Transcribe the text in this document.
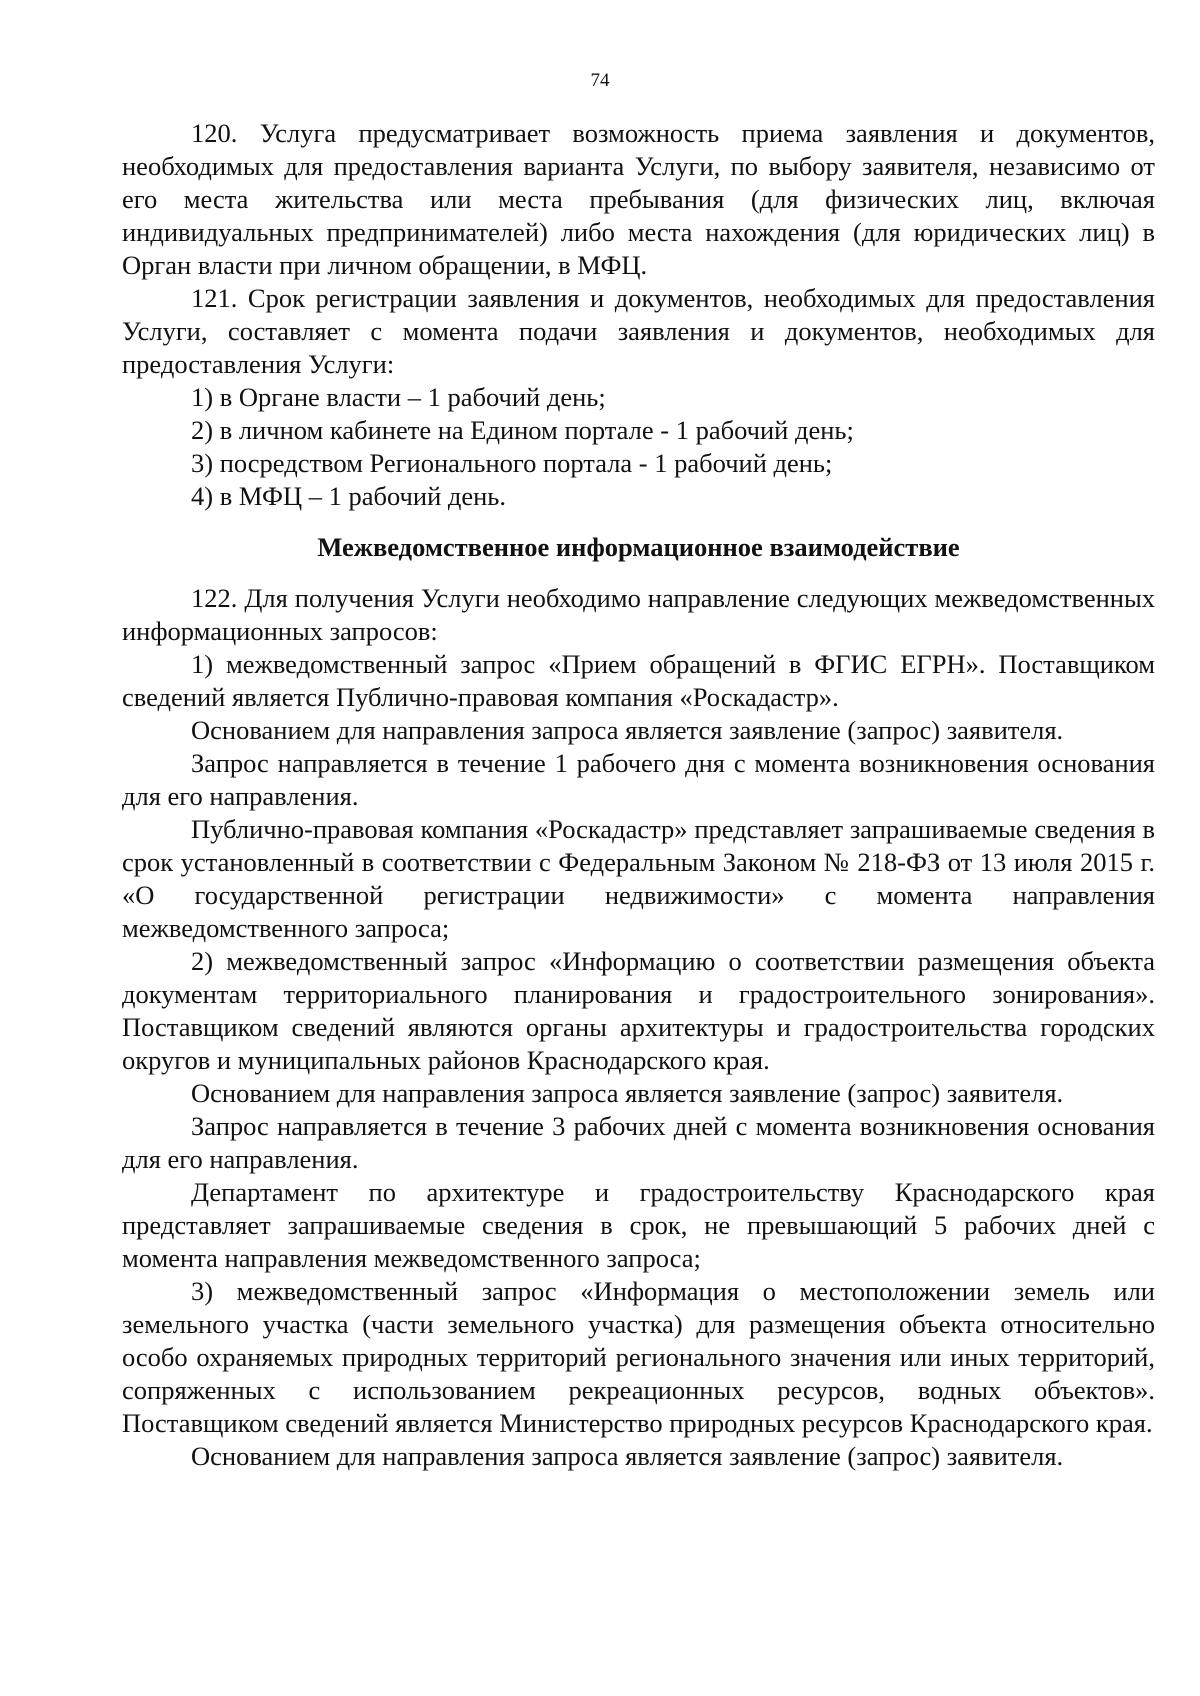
74

120. Услуга предусматривает возможность приема заявления и документов, необходимых для предоставления варианта Услуги, по выбору заявителя, независимо от его места жительства или места пребывания (для физических лиц, включая индивидуальных предпринимателей) либо места нахождения (для юридических лиц) в Орган власти при личном обращении, в МФЦ.

121. Срок регистрации заявления и документов, необходимых для предоставления Услуги, составляет с момента подачи заявления и документов, необходимых для предоставления Услуги:

1) в Органе власти – 1 рабочий день;

2) в личном кабинете на Едином портале - 1 рабочий день;

3) посредством Регионального портала - 1 рабочий день;

4) в МФЦ – 1 рабочий день.

Межведомственное информационное взаимодействие

122. Для получения Услуги необходимо направление следующих межведомственных информационных запросов:

1) межведомственный запрос «Прием обращений в ФГИС ЕГРН». Поставщиком сведений является Публично-правовая компания «Роскадастр».

Основанием для направления запроса является заявление (запрос) заявителя.

Запрос направляется в течение 1 рабочего дня с момента возникновения основания для его направления.

Публично-правовая компания «Роскадастр» представляет запрашиваемые сведения в срок установленный в соответствии с Федеральным Законом № 218-ФЗ от 13 июля 2015 г. «О государственной регистрации недвижимости» с момента направления межведомственного запроса;

2) межведомственный запрос «Информацию о соответствии размещения объекта документам территориального планирования и градостроительного зонирования». Поставщиком сведений являются органы архитектуры и градостроительства городских округов и муниципальных районов Краснодарского края.

Основанием для направления запроса является заявление (запрос) заявителя.

Запрос направляется в течение 3 рабочих дней с момента возникновения основания для его направления.

Департамент по архитектуре и градостроительству Краснодарского края представляет запрашиваемые сведения в срок, не превышающий 5 рабочих дней с момента направления межведомственного запроса;

3) межведомственный запрос «Информация о местоположении земель или земельного участка (части земельного участка) для размещения объекта относительно особо охраняемых природных территорий регионального значения или иных территорий, сопряженных с использованием рекреационных ресурсов, водных объектов». Поставщиком сведений является Министерство природных ресурсов Краснодарского края.

Основанием для направления запроса является заявление (запрос) заявителя.
